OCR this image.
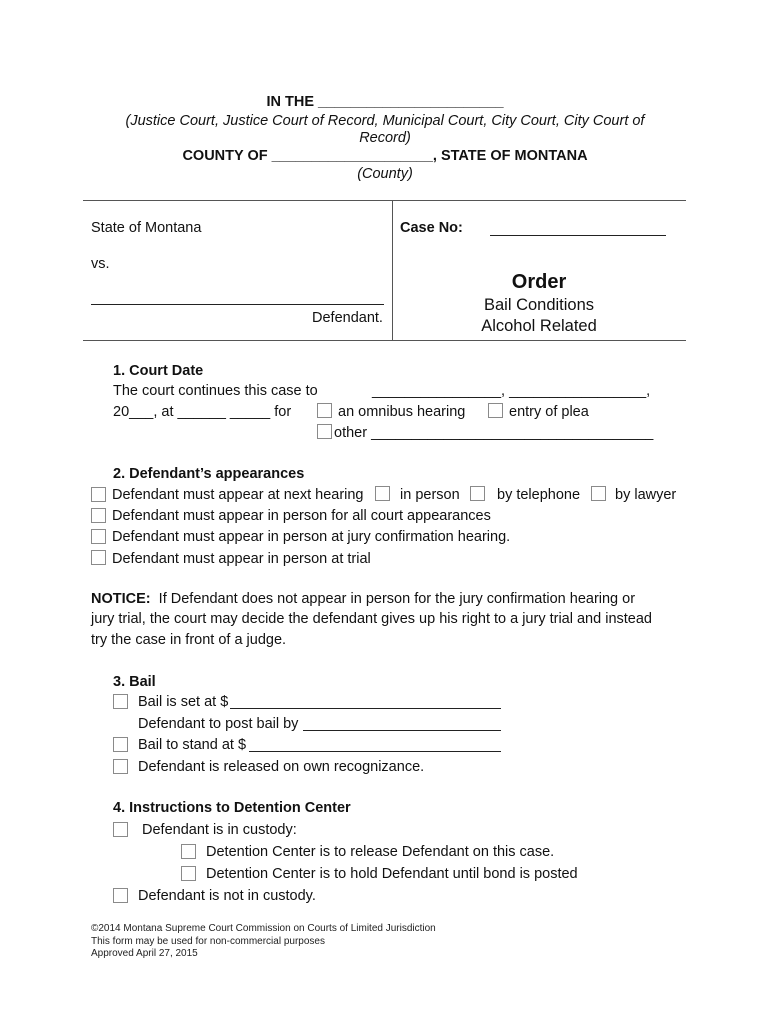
IN THE _______________________
(Justice Court, Justice Court of Record, Municipal Court, City Court, City Court of
Record)
COUNTY OF ____________________, STATE OF MONTANA
(County)
State of Montana
vs.
Defendant.
Case No:
Order
Bail Conditions
Alcohol Related
1. Court Date
The court continues this case to	________________, _________________,
20___, at ______ _____ for	an omnibus hearing	entry of plea
other ___________________________________
2. Defendant’s appearances
Defendant must appear at next hearing	in person	by telephone by lawyer
Defendant must appear in person for all court appearances
Defendant must appear in person at jury confirmation hearing.
Defendant must appear in person at trial
NOTICE: If Defendant does not appear in person for the jury confirmation hearing or
jury trial, the court may decide the defendant gives up his right to a jury trial and instead
try the case in front of a judge.
3. Bail
Bail is set at $
Defendant to post bail by
Bail to stand at $
Defendant is released on own recognizance.
4. Instructions to Detention Center
Defendant is in custody:
Detention Center is to release Defendant on this case.
Detention Center is to hold Defendant until bond is posted
Defendant is not in custody.
©2014 Montana Supreme Court Commission on Courts of Limited Jurisdiction
This form may be used for non-commercial purposes
Approved April 27, 2015
